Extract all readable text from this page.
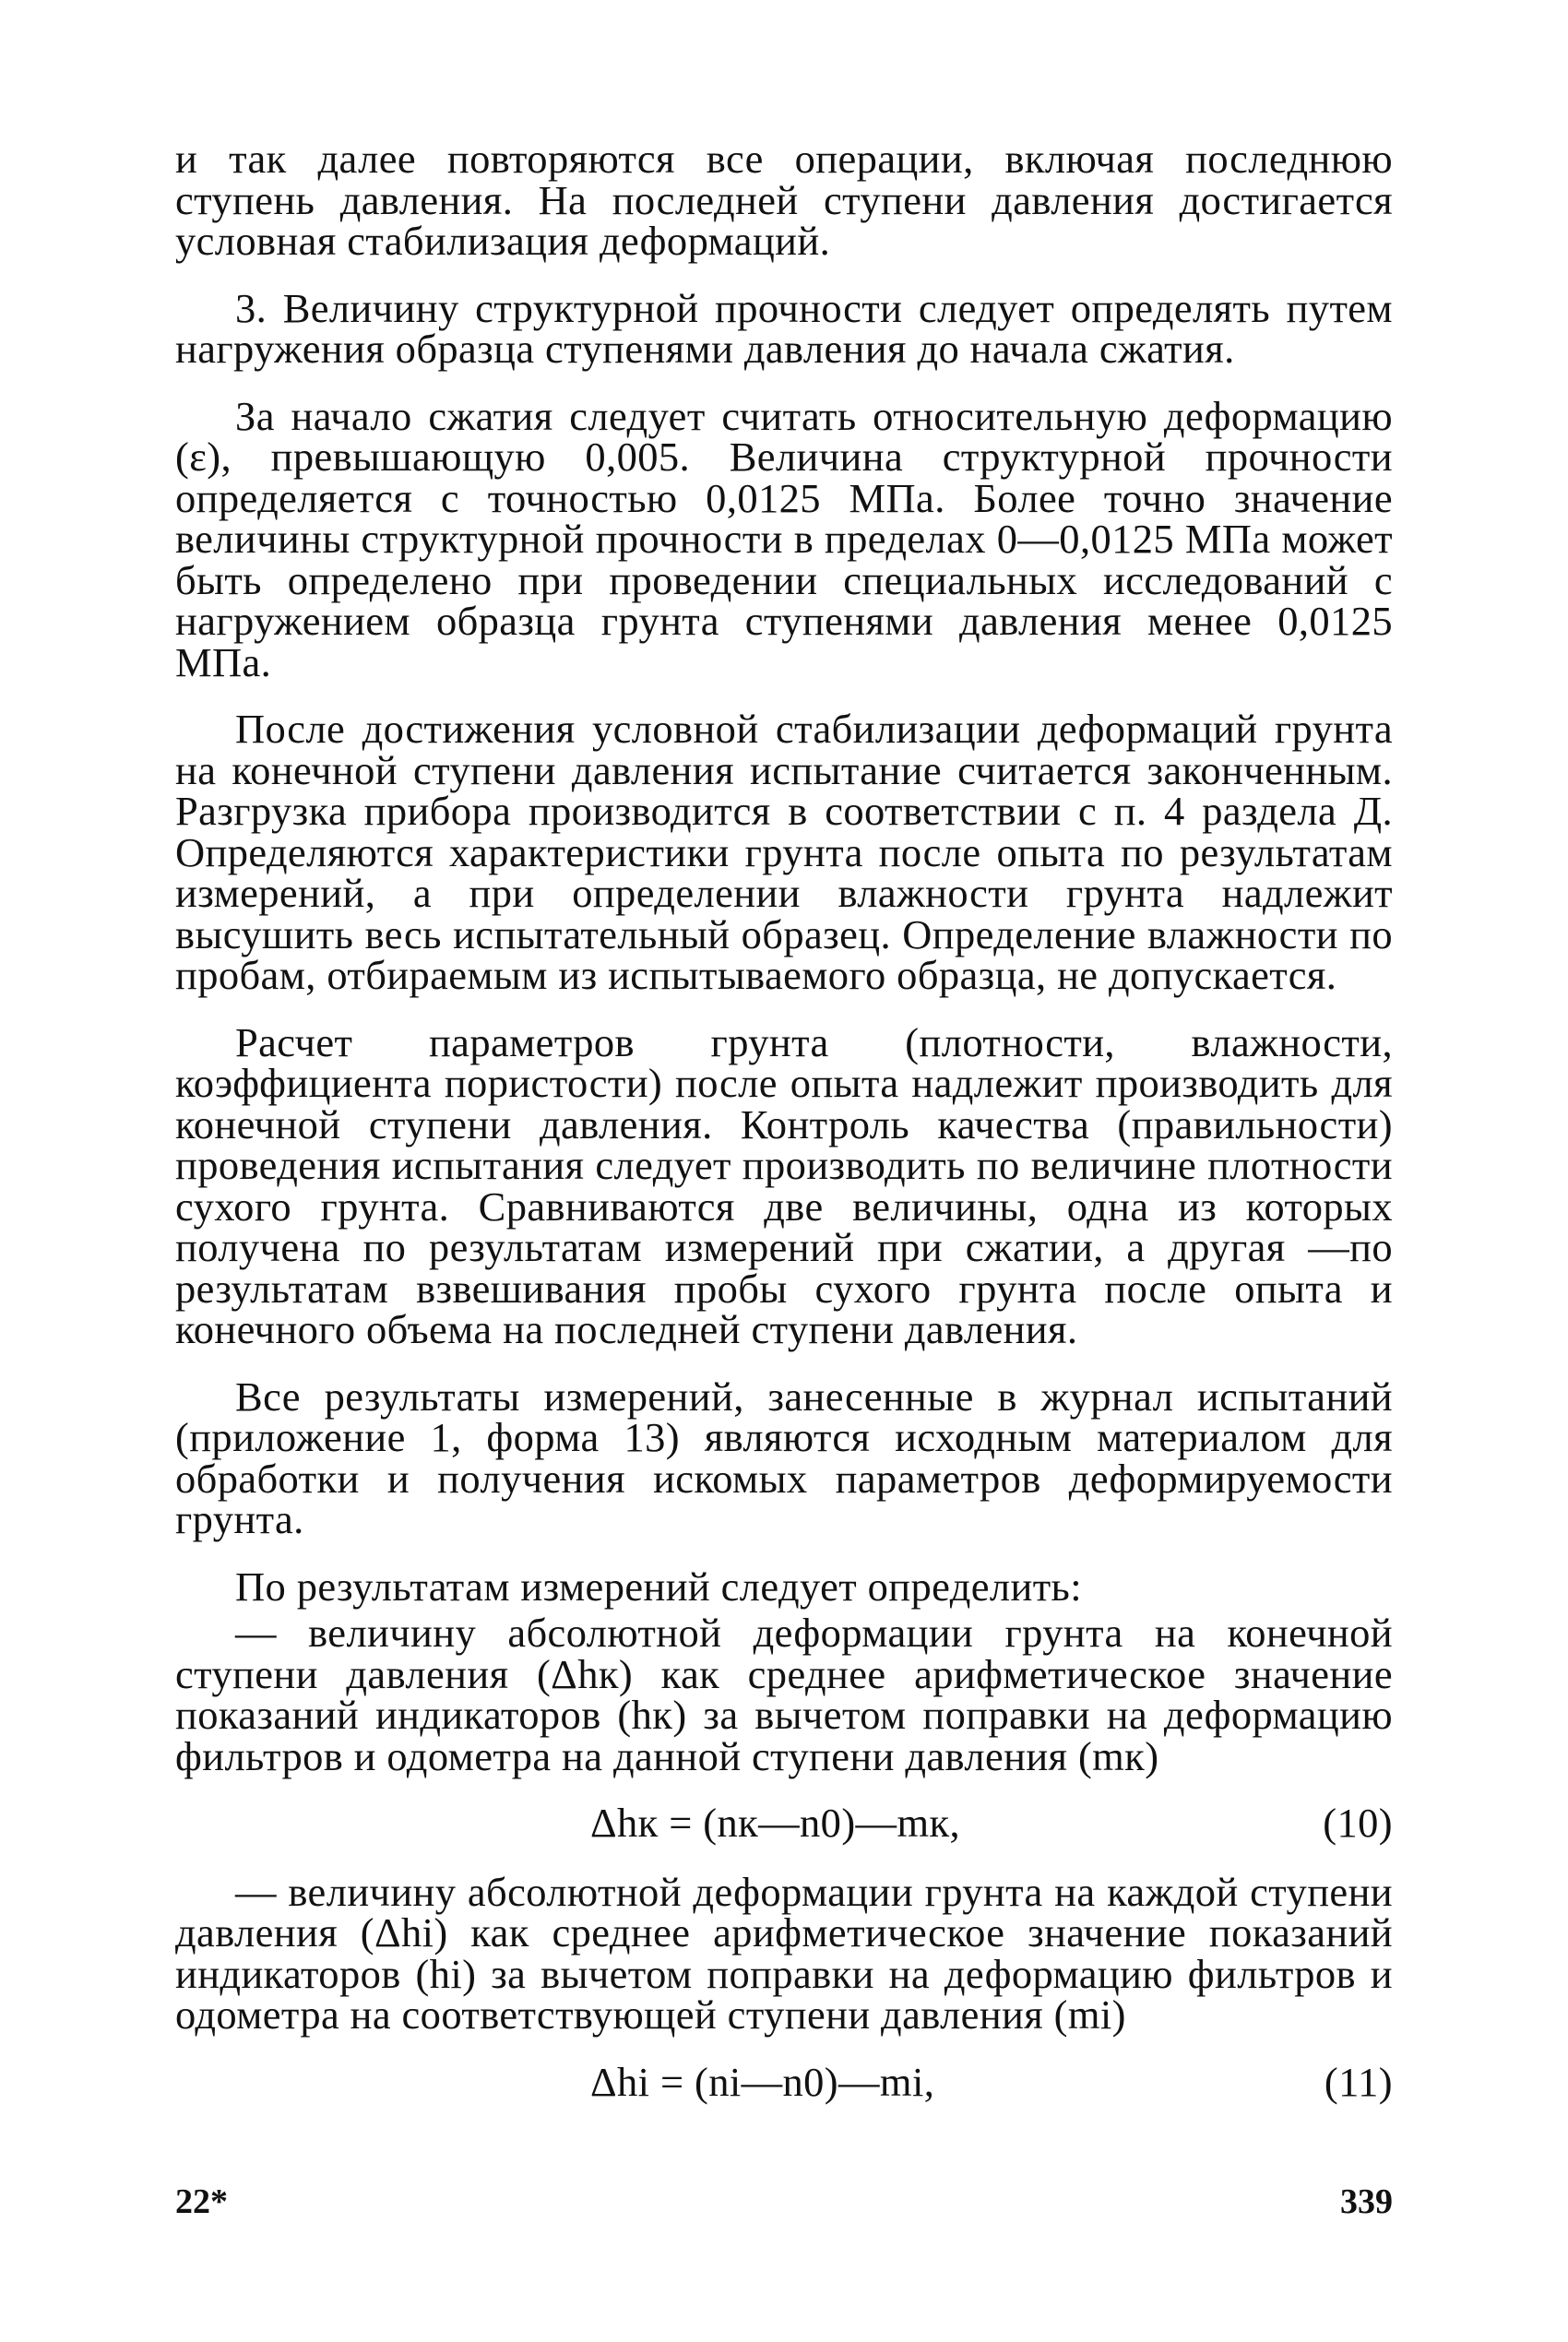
и так далее повторяются все операции, включая последнюю ступень давления. На последней ступени давления достигается условная стабилизация деформаций.

3. Величину структурной прочности следует определять путем нагружения образца ступенями давления до начала сжатия.

За начало сжатия следует считать относительную деформацию (ε), превышающую 0,005. Величина структурной прочности определяется с точностью 0,0125 МПа. Более точно значение величины структурной прочности в пределах 0—0,0125 МПа может быть определено при проведении специальных исследований с нагружением образца грунта ступенями давления менее 0,0125 МПа.

После достижения условной стабилизации деформаций грунта на конечной ступени давления испытание считается законченным. Разгрузка прибора производится в соответствии с п. 4 раздела Д. Определяются характеристики грунта после опыта по результатам измерений, а при определении влажности грунта надлежит высушить весь испытательный образец. Определение влажности по пробам, отбираемым из испытываемого образца, не допускается.

Расчет параметров грунта (плотности, влажности, коэффициента пористости) после опыта надлежит производить для конечной ступени давления. Контроль качества (правильности) проведения испытания следует производить по величине плотности сухого грунта. Сравниваются две величины, одна из которых получена по результатам измерений при сжатии, а другая —по результатам взвешивания пробы сухого грунта после опыта и конечного объема на последней ступени давления.

Все результаты измерений, занесенные в журнал испытаний (приложение 1, форма 13) являются исходным материалом для обработки и получения искомых параметров деформируемости грунта.

По результатам измерений следует определить:

— величину абсолютной деформации грунта на конечной ступени давления (Δhк) как среднее арифметическое значение показаний индикаторов (hк) за вычетом поправки на деформацию фильтров и одометра на данной ступени давления (mк)

Δhк = (nк—n0)—mк,	(10)

— величину абсолютной деформации грунта на каждой ступени давления (Δhi) как среднее арифметическое значение показаний индикаторов (hi) за вычетом поправки на деформацию фильтров и одометра на соответствующей ступени давления (mi)

Δhi = (ni—n0)—mi,	(11)
22*	339
